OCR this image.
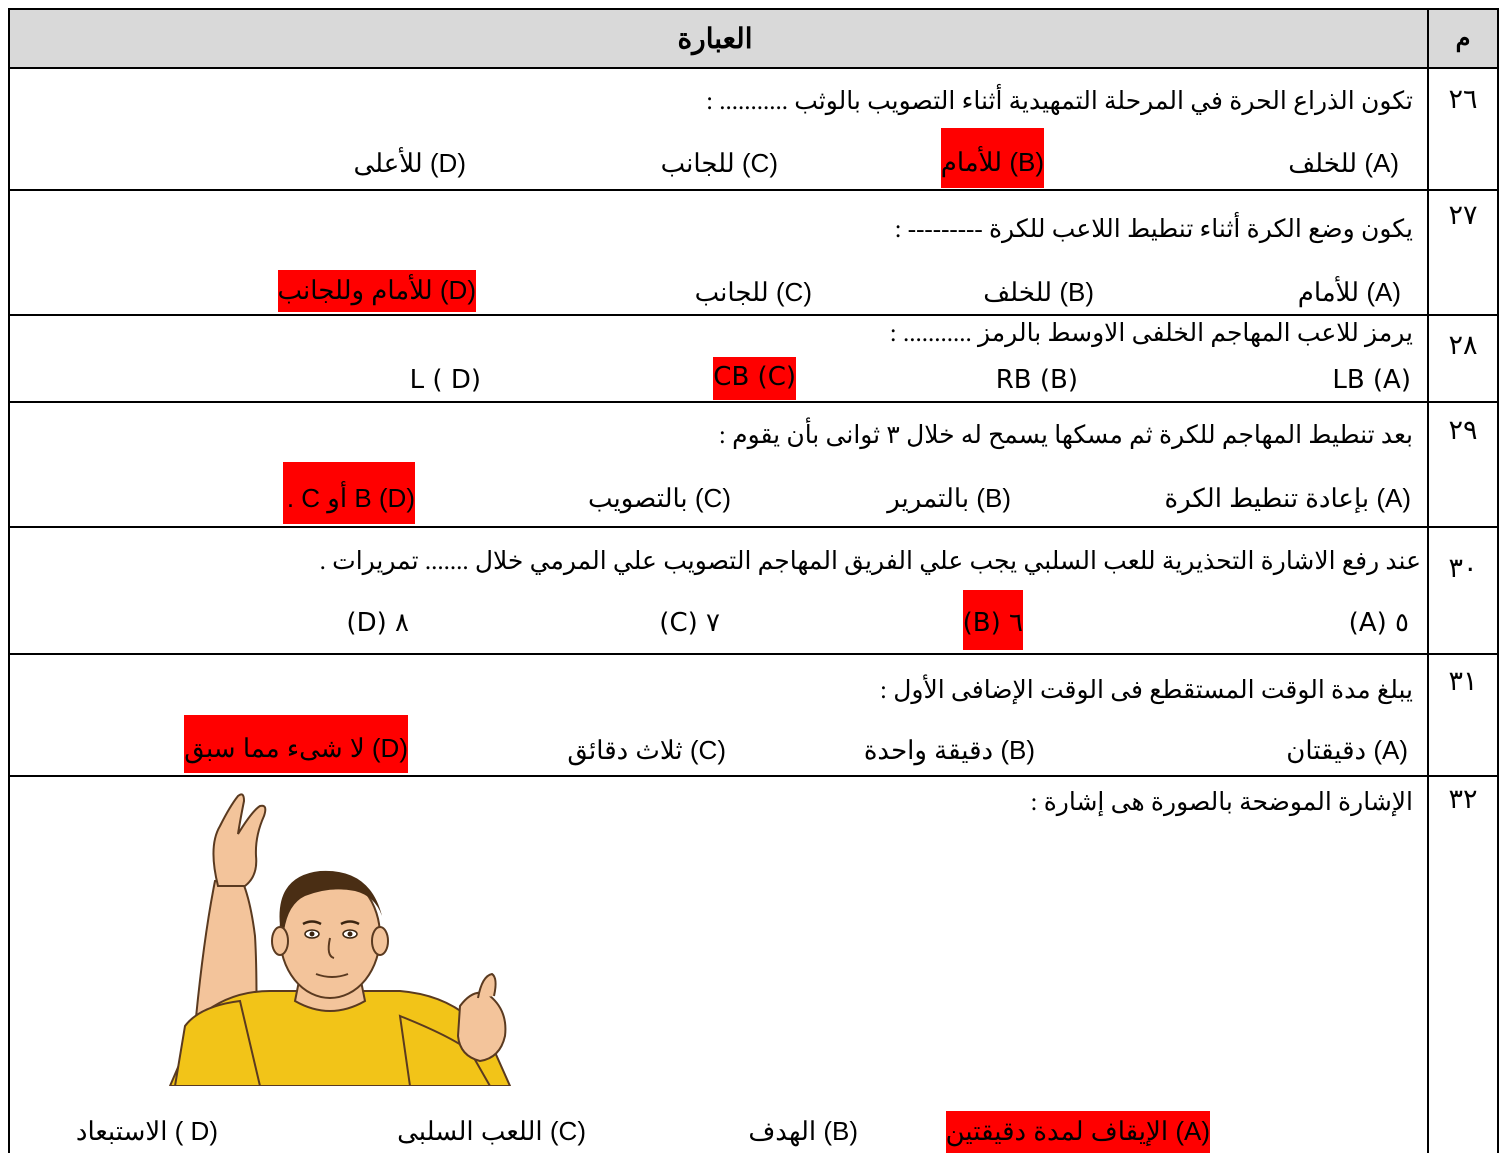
العبارة	م
٢٦
تكون الذراع الحرة في المرحلة التمهيدية أثناء التصويب بالوثب ........... :
(A) للخلف
(B) للأمام
(C) للجانب
(D) للأعلى
٢٧
يكون وضع الكرة أثناء تنطيط اللاعب للكرة --------- :
(A) للأمام
(B) للخلف
(C) للجانب
(D) للأمام وللجانب
٢٨
يرمز للاعب المهاجم الخلفى الاوسط بالرمز ........... :
LB (A)
RB (B)
CB (C)
L ( D)
٢٩
بعد تنطيط المهاجم للكرة ثم مسكها يسمح له خلال ٣ ثوانى بأن يقوم :
(A) بإعادة تنطيط الكرة
(B) بالتمرير
(C) بالتصويب
(D) B أو C .
٣٠
عند رفع الاشارة التحذيرية للعب السلبي يجب علي الفريق المهاجم التصويب علي المرمي خلال ....... تمريرات .
٥ (A)
٦ (B)
٧ (C)
٨ (D)
٣١
يبلغ مدة الوقت المستقطع فى الوقت الإضافى الأول :
(A) دقيقتان
(B) دقيقة واحدة
(C) ثلاث دقائق
(D) لا شىء مما سبق
٣٢
الإشارة الموضحة بالصورة هى إشارة :
(A) الإيقاف لمدة دقيقتين
(B) الهدف
(C) اللعب السلبى
(D ) الاستبعاد
